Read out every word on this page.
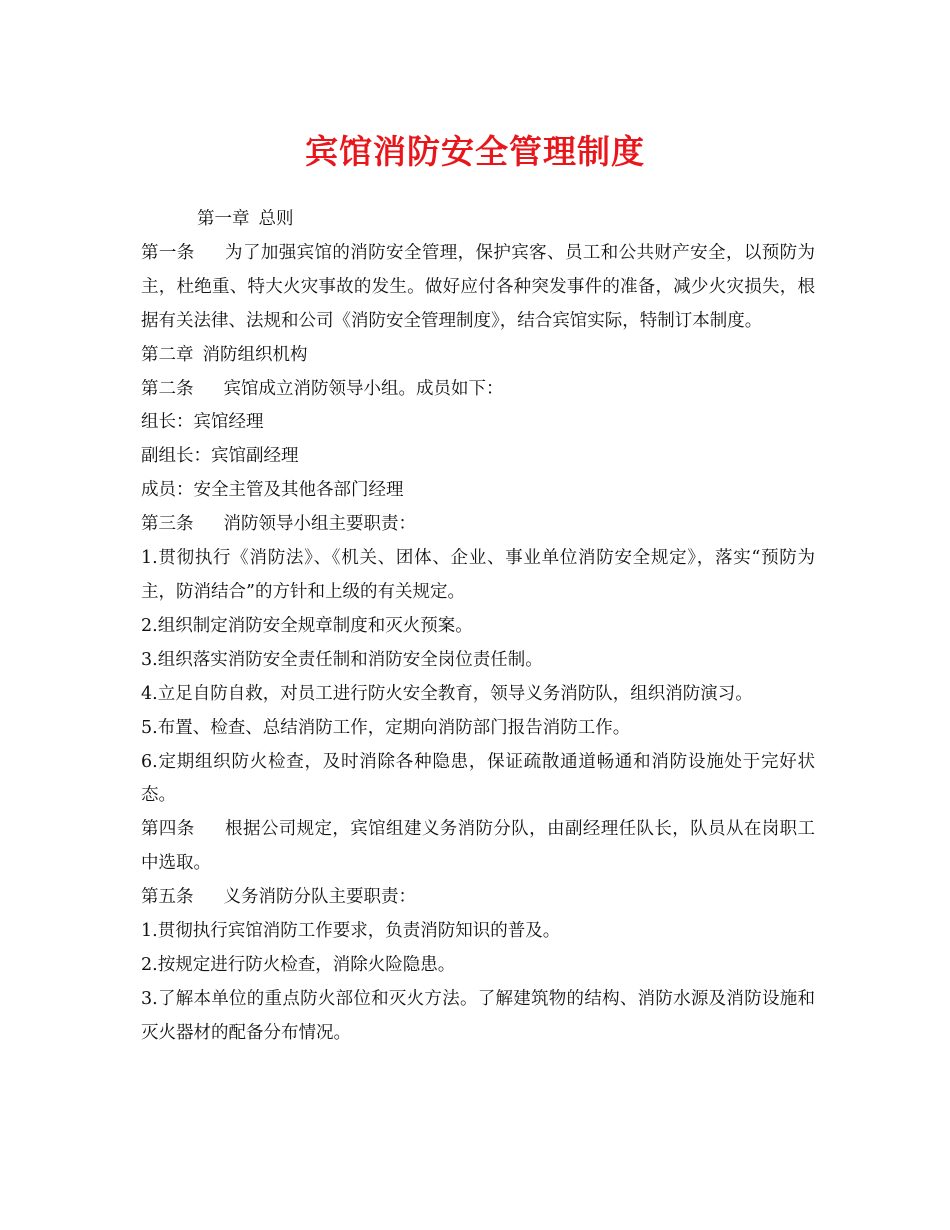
宾馆消防安全管理制度

第一章 总则

第一条 为了加强宾馆的消防安全管理，保护宾客、员工和公共财产安全，以预防为主，杜绝重、特大火灾事故的发生。做好应付各种突发事件的准备，减少火灾损失，根据有关法律、法规和公司《消防安全管理制度》，结合宾馆实际，特制订本制度。

第二章 消防组织机构

第二条 宾馆成立消防领导小组。成员如下：

组长：宾馆经理

副组长：宾馆副经理

成员：安全主管及其他各部门经理

第三条 消防领导小组主要职责：

1.贯彻执行《消防法》、《机关、团体、企业、事业单位消防安全规定》，落实“预防为主，防消结合”的方针和上级的有关规定。

2.组织制定消防安全规章制度和灭火预案。

3.组织落实消防安全责任制和消防安全岗位责任制。

4.立足自防自救，对员工进行防火安全教育，领导义务消防队，组织消防演习。

5.布置、检查、总结消防工作，定期向消防部门报告消防工作。

6.定期组织防火检查，及时消除各种隐患，保证疏散通道畅通和消防设施处于完好状态。

第四条 根据公司规定，宾馆组建义务消防分队，由副经理任队长，队员从在岗职工中选取。

第五条 义务消防分队主要职责：

1.贯彻执行宾馆消防工作要求，负责消防知识的普及。

2.按规定进行防火检查，消除火险隐患。

3.了解本单位的重点防火部位和灭火方法。了解建筑物的结构、消防水源及消防设施和灭火器材的配备分布情况。
